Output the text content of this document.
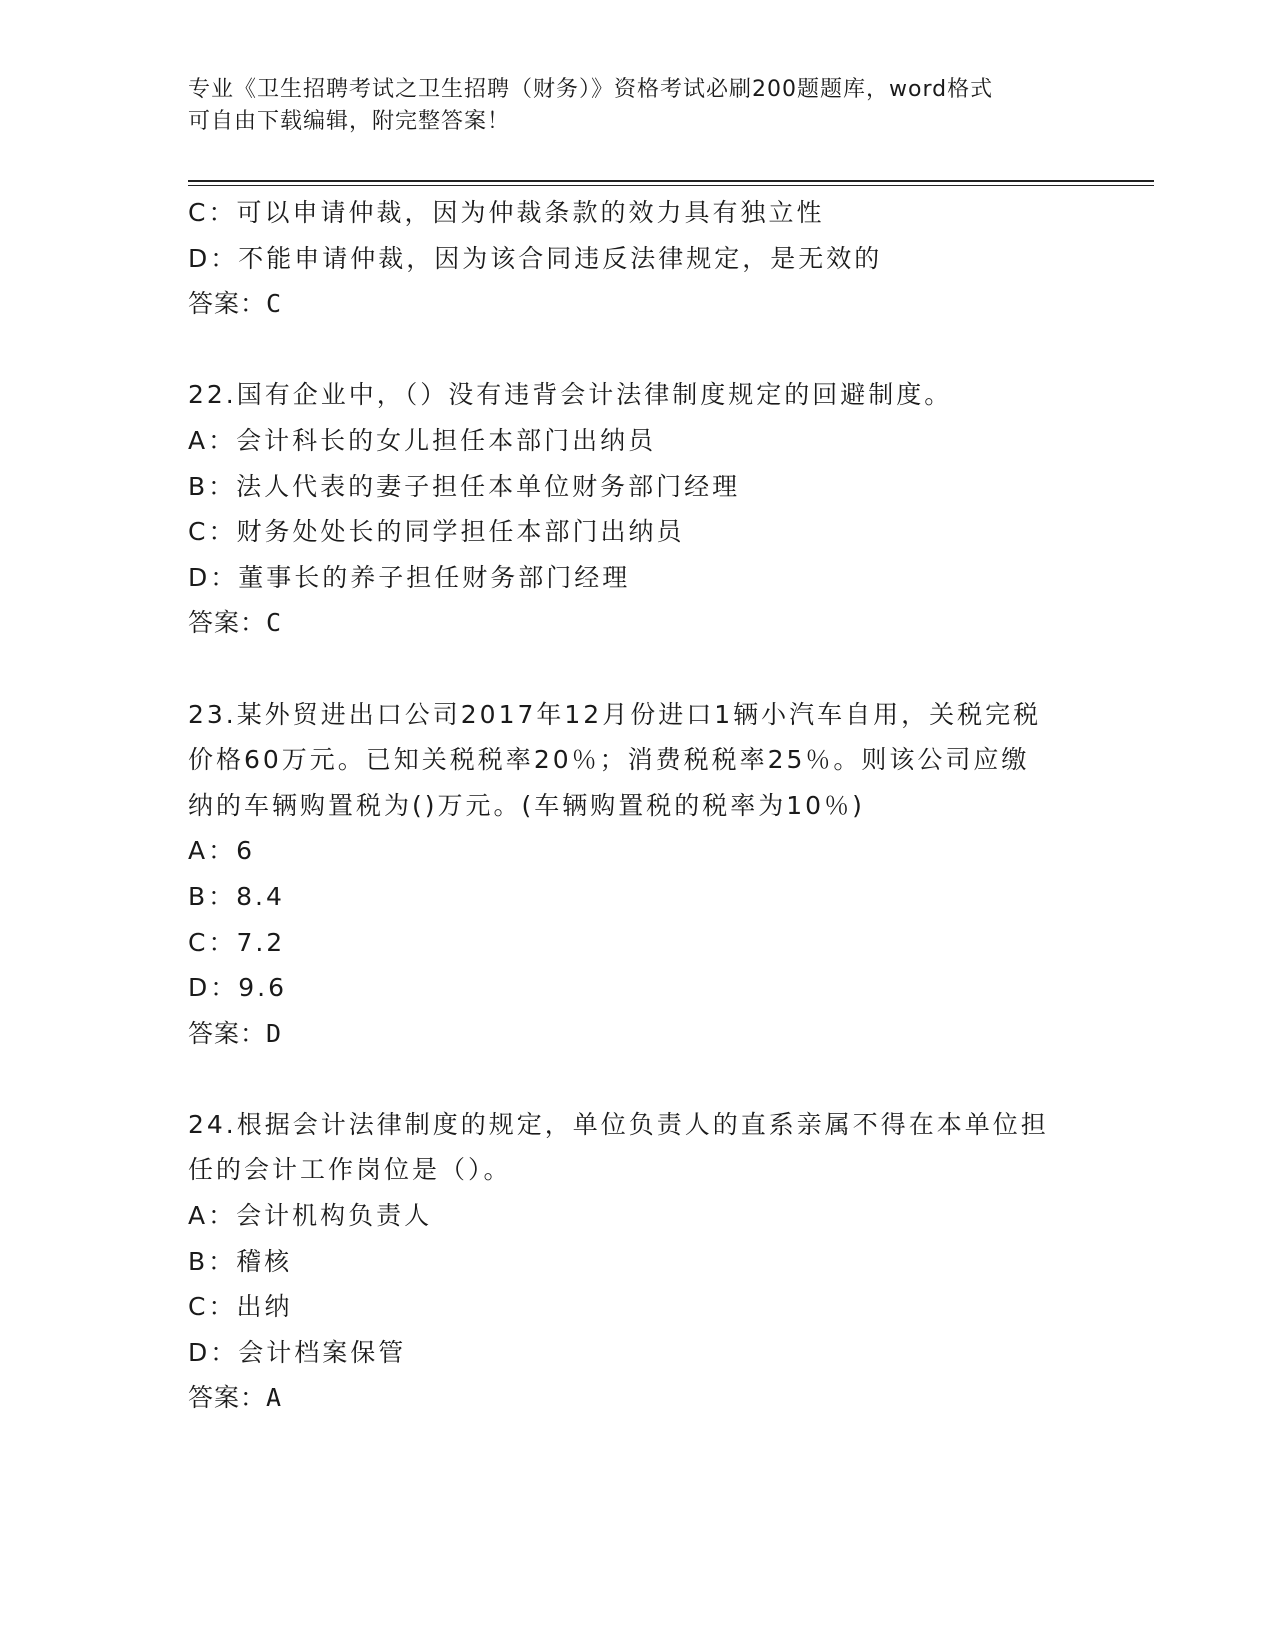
专业《卫生招聘考试之卫生招聘（财务）》资格考试必刷200题题库，word格式
可自由下载编辑，附完整答案！
C：可以申请仲裁，因为仲裁条款的效力具有独立性
D：不能申请仲裁，因为该合同违反法律规定，是无效的
答案：C
22.国有企业中，（）没有违背会计法律制度规定的回避制度。
A：会计科长的女儿担任本部门出纳员
B：法人代表的妻子担任本单位财务部门经理
C：财务处处长的同学担任本部门出纳员
D：董事长的养子担任财务部门经理
答案：C
23.某外贸进出口公司2017年12月份进口1辆小汽车自用，关税完税
价格60万元。已知关税税率20％；消费税税率25％。则该公司应缴
纳的车辆购置税为()万元。(车辆购置税的税率为10％)
A：6
B：8.4
C：7.2
D：9.6
答案：D
24.根据会计法律制度的规定，单位负责人的直系亲属不得在本单位担
任的会计工作岗位是（）。
A：会计机构负责人
B：稽核
C：出纳
D：会计档案保管
答案：A
